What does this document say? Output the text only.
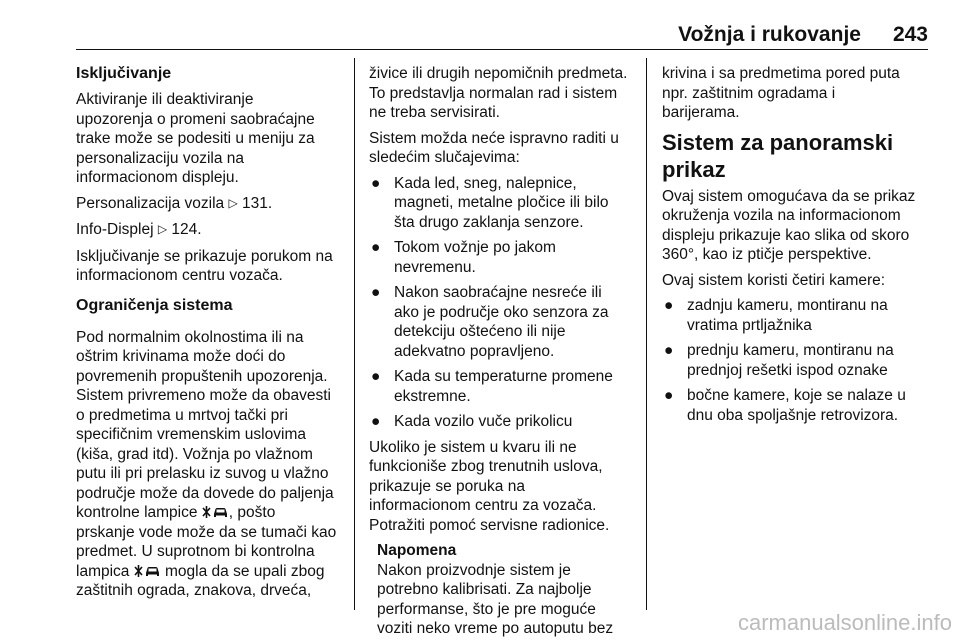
Vožnja i rukovanje 243
Isključivanje

Aktiviranje ili deaktiviranje
upozorenja o promeni saobraćajne
trake može se podesiti u meniju za
personalizaciju vozila na
informacionom displeju.

Personalizacija vozila ▷ 131.

Info-Displej ▷ 124.

Isključivanje se prikazuje porukom na
informacionom centru vozača.

Ograničenja sistema

Pod normalnim okolnostima ili na
oštrim krivinama može doći do
povremenih propuštenih upozorenja.
Sistem privremeno može da obavesti
o predmetima u mrtvoj tački pri
specifičnim vremenskim uslovima
(kiša, grad itd). Vožnja po vlažnom
putu ili pri prelasku iz suvog u vlažno
područje može da dovede do paljenja
kontrolne lampice , pošto
prskanje vode može da se tumači kao
predmet. U suprotnom bi kontrolna
lampica  mogla da se upali zbog
zaštitnih ograda, znakova, drveća,

živice ili drugih nepomičnih predmeta.
To predstavlja normalan rad i sistem
ne treba servisirati.

Sistem možda neće ispravno raditi u
sledećim slučajevima:

● Kada led, sneg, nalepnice,
magneti, metalne pločice ili bilo
šta drugo zaklanja senzore.
● Tokom vožnje po jakom
nevremenu.
● Nakon saobraćajne nesreće ili
ako je područje oko senzora za
detekciju oštećeno ili nije
adekvatno popravljeno.
● Kada su temperaturne promene
ekstremne.
● Kada vozilo vuče prikolicu

Ukoliko je sistem u kvaru ili ne
funkcioniše zbog trenutnih uslova,
prikazuje se poruka na
informacionom centru za vozača.
Potražiti pomoć servisne radionice.

Napomena
Nakon proizvodnje sistem je
potrebno kalibrisati. Za najbolje
performanse, što je pre moguće
voziti neko vreme po autoputu bez

krivina i sa predmetima pored puta
npr. zaštitnim ogradama i
barijerama.

Sistem za panoramski
prikaz

Ovaj sistem omogućava da se prikaz
okruženja vozila na informacionom
displeju prikazuje kao slika od skoro
360°, kao iz ptičje perspektive.

Ovaj sistem koristi četiri kamere:

● zadnju kameru, montiranu na
vratima prtljažnika
● prednju kameru, montiranu na
prednjoj rešetki ispod oznake
● bočne kamere, koje se nalaze u
dnu oba spoljašnje retrovizora.
carmanualsonline.info
